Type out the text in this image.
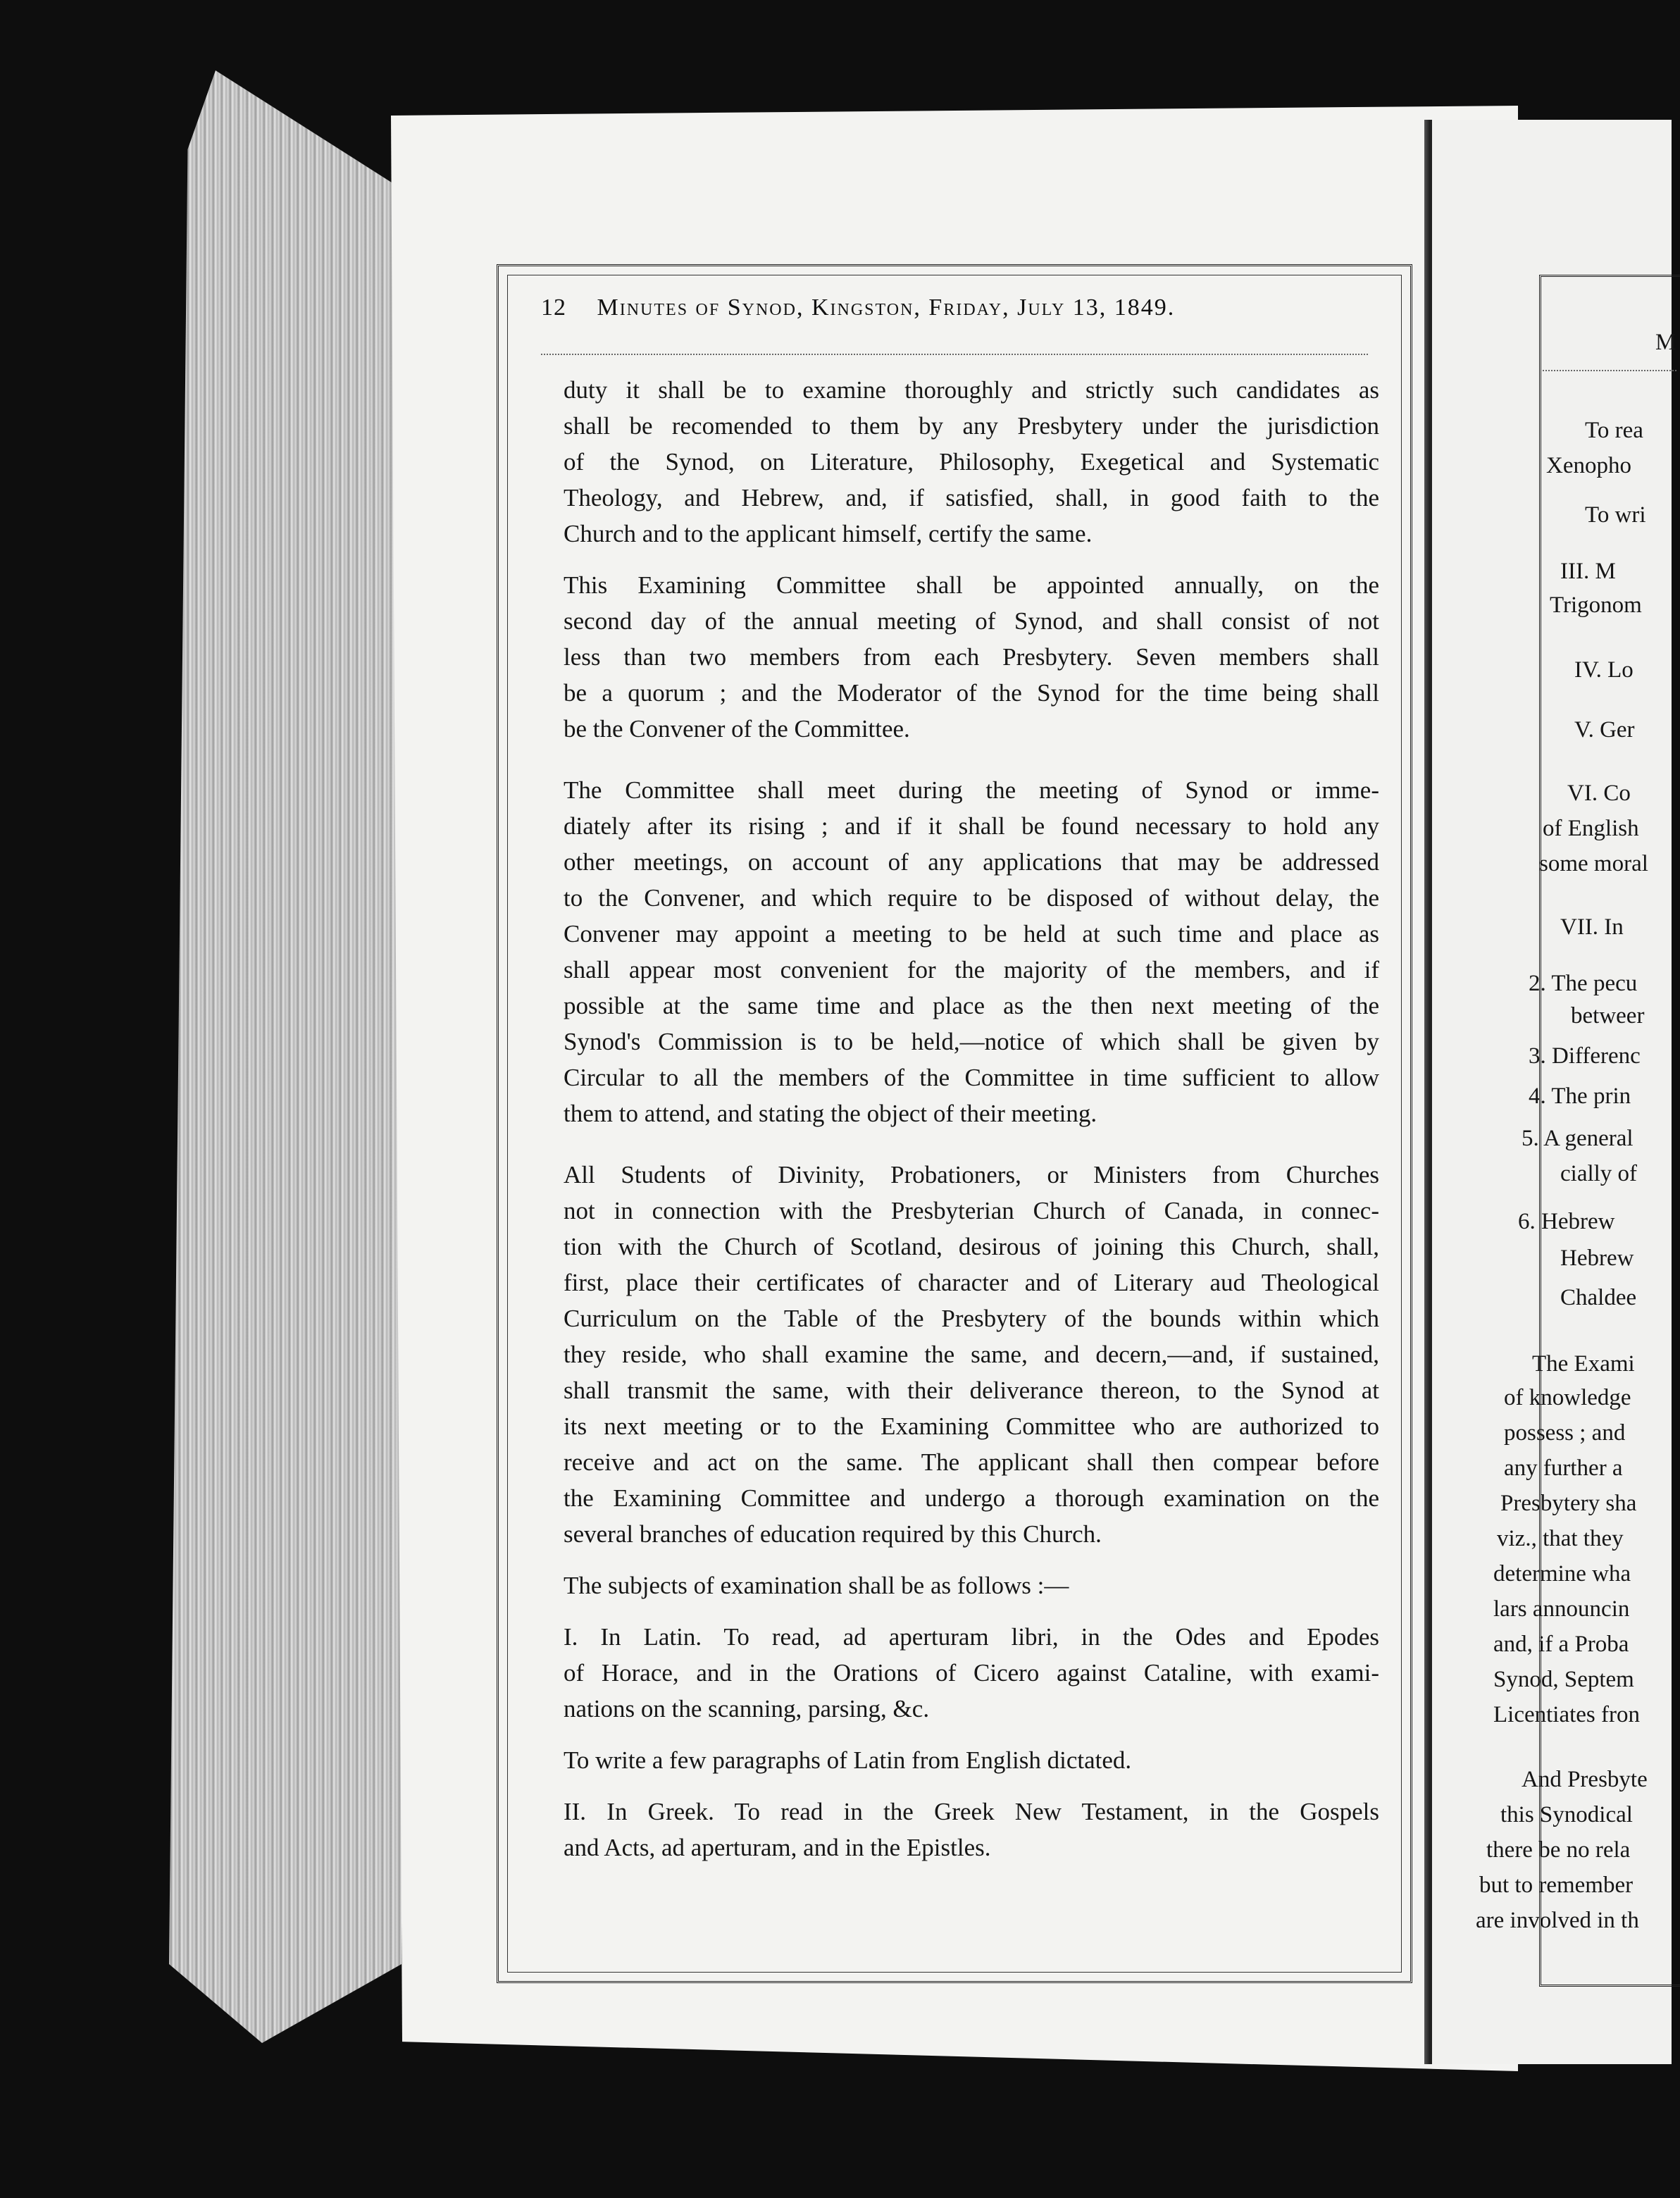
12 Minutes of Synod, Kingston, Friday, July 13, 1849.

duty it shall be to examine thoroughly and strictly such candidates as
shall be recomended to them by any Presbytery under the jurisdiction
of the Synod, on Literature, Philosophy, Exegetical and Systematic
Theology, and Hebrew, and, if satisfied, shall, in good faith to the
Church and to the applicant himself, certify the same.

This Examining Committee shall be appointed annually, on the
second day of the annual meeting of Synod, and shall consist of not
less than two members from each Presbytery. Seven members shall
be a quorum ; and the Moderator of the Synod for the time being shall
be the Convener of the Committee.

The Committee shall meet during the meeting of Synod or imme-
diately after its rising ; and if it shall be found necessary to hold any
other meetings, on account of any applications that may be addressed
to the Convener, and which require to be disposed of without delay, the
Convener may appoint a meeting to be held at such time and place as
shall appear most convenient for the majority of the members, and if
possible at the same time and place as the then next meeting of the
Synod's Commission is to be held,—notice of which shall be given by
Circular to all the members of the Committee in time sufficient to allow
them to attend, and stating the object of their meeting.

All Students of Divinity, Probationers, or Ministers from Churches
not in connection with the Presbyterian Church of Canada, in connec-
tion with the Church of Scotland, desirous of joining this Church, shall,
first, place their certificates of character and of Literary aud Theological
Curriculum on the Table of the Presbytery of the bounds within which
they reside, who shall examine the same, and decern,—and, if sustained,
shall transmit the same, with their deliverance thereon, to the Synod at
its next meeting or to the Examining Committee who are authorized to
receive and act on the same. The applicant shall then compear before
the Examining Committee and undergo a thorough examination on the
several branches of education required by this Church.

The subjects of examination shall be as follows :—

I. In Latin. To read, ad aperturam libri, in the Odes and Epodes
of Horace, and in the Orations of Cicero against Cataline, with exami-
nations on the scanning, parsing, &c.

To write a few paragraphs of Latin from English dictated.

II. In Greek. To read in the Greek New Testament, in the Gospels
and Acts, ad aperturam, and in the Epistles.

M
To rea
Xenopho
To wri
III. M
Trigonom
IV. Lo
V. Ger
VI. Co
of English
some moral
VII. In
2. The pecu
betweer
3. Differenc
4. The prin
5. A general
cially of
6. Hebrew
Hebrew
Chaldee
The Exami
of knowledge
possess ; and
any further a
Presbytery sha
viz., that they
determine wha
lars announcin
and, if a Proba
Synod, Septem
Licentiates fron
And Presbyte
this Synodical
there be no rela
but to remember
are involved in th
